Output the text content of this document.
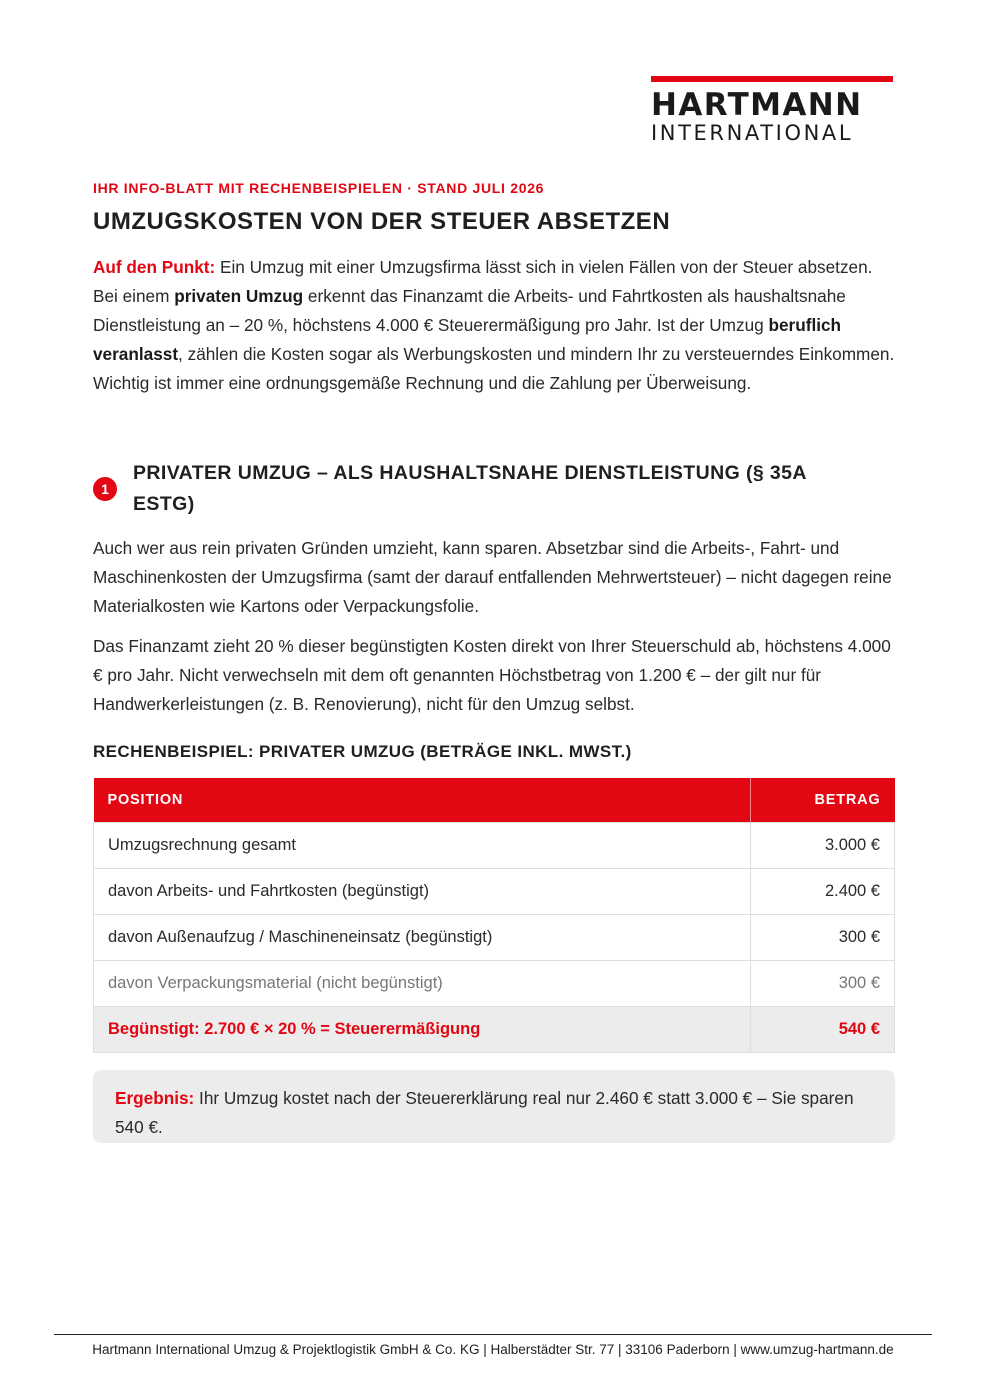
HARTMANN
INTERNATIONAL
IHR INFO-BLATT MIT RECHENBEISPIELEN · STAND JULI 2026
UMZUGSKOSTEN VON DER STEUER ABSETZEN

Auf den Punkt: Ein Umzug mit einer Umzugsfirma lässt sich in vielen Fällen von der Steuer absetzen. Bei einem privaten Umzug erkennt das Finanzamt die Arbeits- und Fahrtkosten als haushaltsnahe Dienstleistung an – 20 %, höchstens 4.000 € Steuerermäßigung pro Jahr. Ist der Umzug beruflich veranlasst, zählen die Kosten sogar als Werbungskosten und mindern Ihr zu versteuerndes Einkommen. Wichtig ist immer eine ordnungsgemäße Rechnung und die Zahlung per Überweisung.

1
PRIVATER UMZUG – ALS HAUSHALTSNAHE DIENSTLEISTUNG (§ 35A ESTG)

Auch wer aus rein privaten Gründen umzieht, kann sparen. Absetzbar sind die Arbeits-, Fahrt- und Maschinenkosten der Umzugsfirma (samt der darauf entfallenden Mehrwertsteuer) – nicht dagegen reine Materialkosten wie Kartons oder Verpackungsfolie.

Das Finanzamt zieht 20 % dieser begünstigten Kosten direkt von Ihrer Steuerschuld ab, höchstens 4.000 € pro Jahr. Nicht verwechseln mit dem oft genannten Höchstbetrag von 1.200 € – der gilt nur für Handwerkerleistungen (z. B. Renovierung), nicht für den Umzug selbst.

RECHENBEISPIEL: PRIVATER UMZUG (BETRÄGE INKL. MWST.)
POSITION	BETRAG
Umzugsrechnung gesamt	3.000 €
davon Arbeits- und Fahrtkosten (begünstigt)	2.400 €
davon Außenaufzug / Maschineneinsatz (begünstigt)	300 €
davon Verpackungsmaterial (nicht begünstigt)	300 €
Begünstigt: 2.700 € × 20 % = Steuerermäßigung	540 €
Ergebnis: Ihr Umzug kostet nach der Steuererklärung real nur 2.460 € statt 3.000 € – Sie sparen 540 €.
Hartmann International Umzug & Projektlogistik GmbH & Co. KG | Halberstädter Str. 77 | 33106 Paderborn | www.umzug-hartmann.de
